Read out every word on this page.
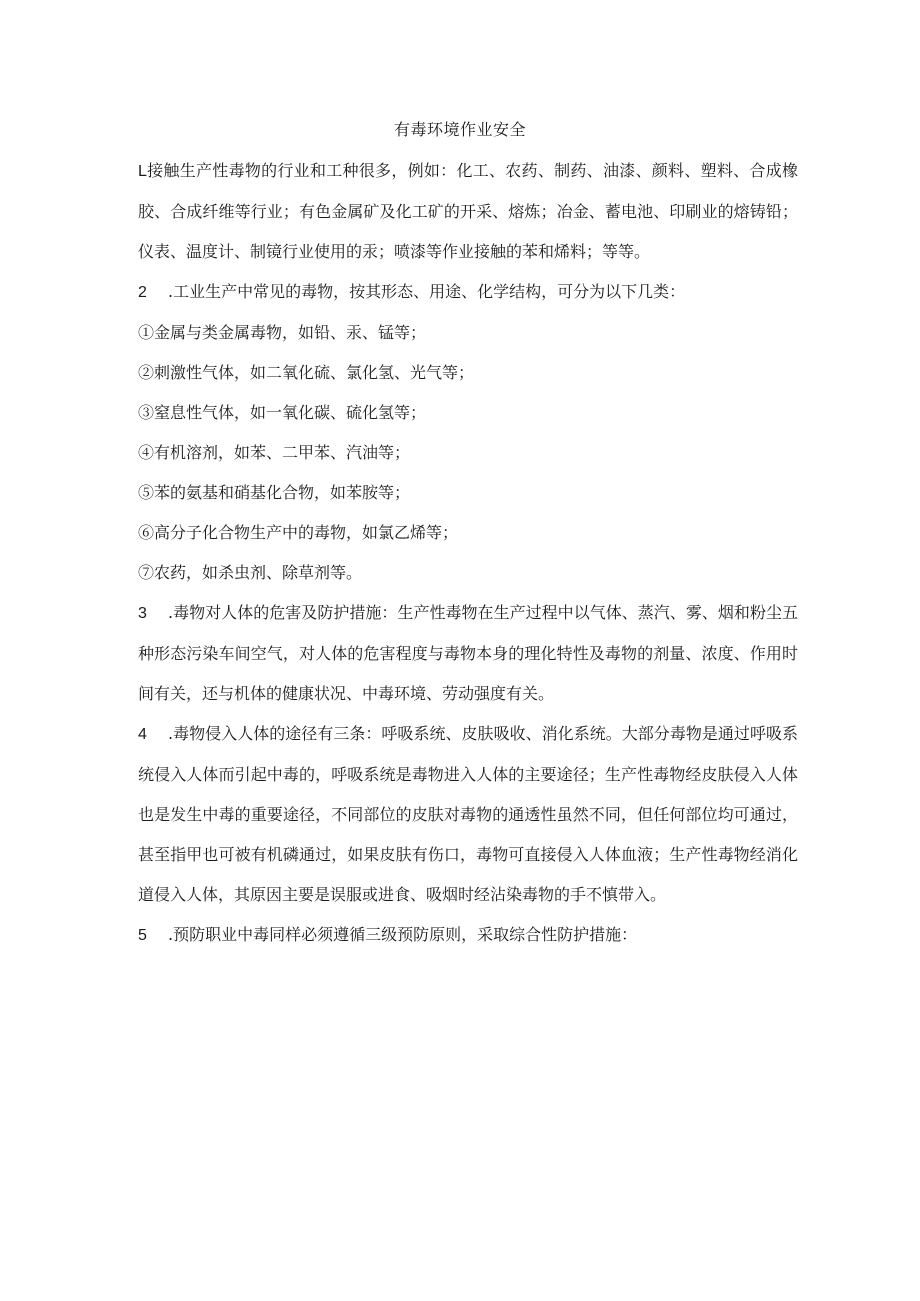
有毒环境作业安全

L接触生产性毒物的行业和工种很多，例如：化工、农药、制药、油漆、颜料、塑料、合成橡胶、合成纤维等行业；有色金属矿及化工矿的开采、熔炼；冶金、蓄电池、印刷业的熔铸铅；仪表、温度计、制镜行业使用的汞；喷漆等作业接触的苯和烯料；等等。

2 .工业生产中常见的毒物，按其形态、用途、化学结构，可分为以下几类：

①金属与类金属毒物，如铅、汞、锰等；

②刺激性气体，如二氧化硫、氯化氢、光气等；

③窒息性气体，如一氧化碳、硫化氢等；

④有机溶剂，如苯、二甲苯、汽油等；

⑤苯的氨基和硝基化合物，如苯胺等；

⑥高分子化合物生产中的毒物，如氯乙烯等；

⑦农药，如杀虫剂、除草剂等。

3 .毒物对人体的危害及防护措施：生产性毒物在生产过程中以气体、蒸汽、雾、烟和粉尘五种形态污染车间空气，对人体的危害程度与毒物本身的理化特性及毒物的剂量、浓度、作用时间有关，还与机体的健康状况、中毒环境、劳动强度有关。

4 .毒物侵入人体的途径有三条：呼吸系统、皮肤吸收、消化系统。大部分毒物是通过呼吸系统侵入人体而引起中毒的，呼吸系统是毒物进入人体的主要途径；生产性毒物经皮肤侵入人体也是发生中毒的重要途径，不同部位的皮肤对毒物的通透性虽然不同，但任何部位均可通过，甚至指甲也可被有机磷通过，如果皮肤有伤口，毒物可直接侵入人体血液；生产性毒物经消化道侵入人体，其原因主要是误服或进食、吸烟时经沾染毒物的手不慎带入。

5 .预防职业中毒同样必须遵循三级预防原则，采取综合性防护措施：
